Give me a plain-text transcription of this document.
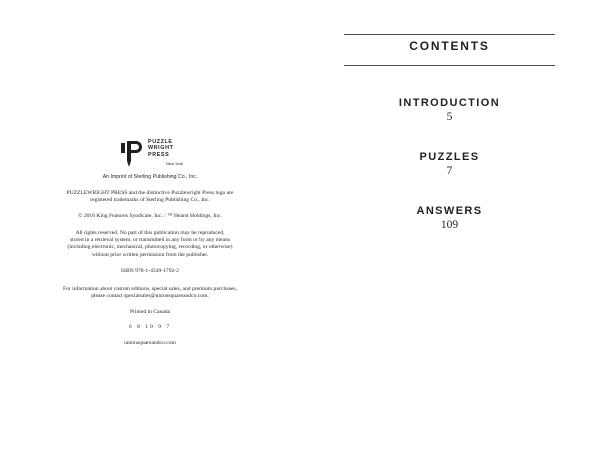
PUZZLE
WRIGHT
PRESS
New York
An Imprint of Sterling Publishing Co., Inc.
PUZZLEWRIGHT PRESS and the distinctive Puzzlewright Press logo are
registered trademarks of Sterling Publishing Co., Inc.
© 2016 King Features Syndicate, Inc. / ™ Hearst Holdings, Inc.
All rights reserved. No part of this publication may be reproduced,
stored in a retrieval system, or transmitted in any form or by any means
(including electronic, mechanical, photocopying, recording, or otherwise)
without prior written permission from the publisher.
ISBN 978-1-4549-1792-2
For information about custom editions, special sales, and premium purchases,
please contact specialsales@unionsquareandco.com.
Printed in Canada
6 8 10 9 7
unionsquareandco.com
CONTENTS
INTRODUCTION
5
PUZZLES
7
ANSWERS
109
